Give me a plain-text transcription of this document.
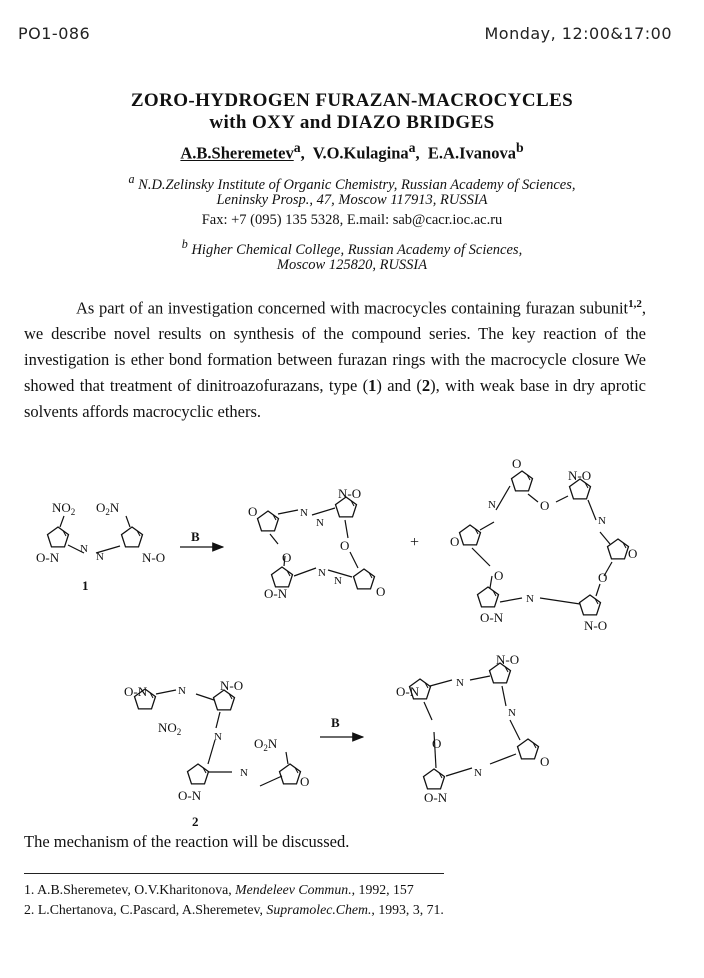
PO1-086	Monday, 12:00&17:00
ZORO-HYDROGEN FURAZAN-MACROCYCLES
with OXY and DIAZO BRIDGES
A.B.Sheremetev$^a$,  V.O.Kulagina$^a$,  E.A.Ivanova$^b$
$^a$ N.D.Zelinsky Institute of Organic Chemistry, Russian Academy of Sciences,
Leninsky Prosp., 47, Moscow 117913, RUSSIA
Fax: +7 (095) 135 5328, E.mail: sab@cacr.ioc.ac.ru
$^b$ Higher Chemical College, Russian Academy of Sciences,
Moscow 125820, RUSSIA
As part of an investigation concerned with macrocycles containing furazan subunit$^{1,2}$, we describe novel results on synthesis of the compound series. The key reaction of the investigation is ether bond formation between furazan rings with the macrocycle closure We showed that treatment of dinitroazofurazans, type (1) and (2), with weak base in dry aprotic solvents affords macrocyclic ethers.
$NO_2$ $O_2N$
O-N	N-O
N
N
B
1
N-O
O	N
N
O
O
N
N
O-N	O
+
O
N-O
O
N
N
O
O
O	O
N
O-N
N-O
O-N	N-O
N
$NO_2$	N $O_2N$
N
O-N
O
2
B
N-O
O-N
N
N
O
N
O-N
O
The mechanism of the reaction will be discussed.
1. A.B.Sheremetev, O.V.Kharitonova, Mendeleev Commun., 1992, 157
2. L.Chertanova, C.Pascard, A.Sheremetev, Supramolec.Chem., 1993, 3, 71.
